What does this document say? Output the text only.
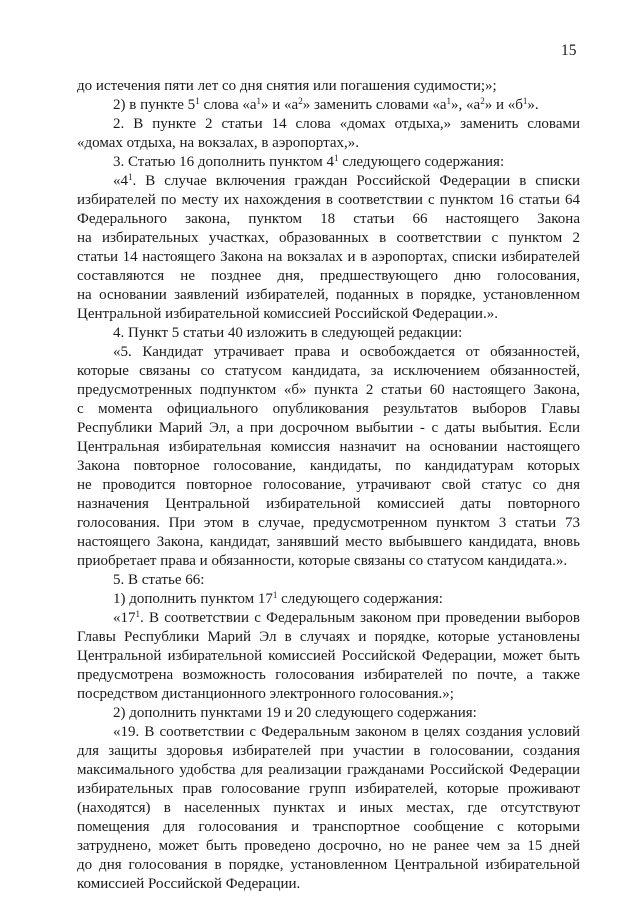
15
до истечения пяти лет со дня снятия или погашения судимости;»;
2) в пункте $5^1$ слова «$а^1$» и «$а^2$» заменить словами «$а^1$», «$а^2$» и «$б^1$».
2. В пункте 2 статьи 14 слова «домах отдыха,» заменить словами
«домах отдыха, на вокзалах, в аэропортах,».
3. Статью 16 дополнить пунктом $4^1$ следующего содержания:
«$4^1$. В случае включения граждан Российской Федерации в списки
избирателей по месту их нахождения в соответствии с пунктом 16 статьи 64
Федерального закона, пунктом 18 статьи 66 настоящего Закона
на избирательных участках, образованных в соответствии с пунктом 2
статьи 14 настоящего Закона на вокзалах и в аэропортах, списки избирателей
составляются не позднее дня, предшествующего дню голосования,
на основании заявлений избирателей, поданных в порядке, установленном
Центральной избирательной комиссией Российской Федерации.».
4. Пункт 5 статьи 40 изложить в следующей редакции:
«5. Кандидат утрачивает права и освобождается от обязанностей,
которые связаны со статусом кандидата, за исключением обязанностей,
предусмотренных подпунктом «б» пункта 2 статьи 60 настоящего Закона,
с момента официального опубликования результатов выборов Главы
Республики Марий Эл, а при досрочном выбытии - с даты выбытия. Если
Центральная избирательная комиссия назначит на основании настоящего
Закона повторное голосование, кандидаты, по кандидатурам которых
не проводится повторное голосование, утрачивают свой статус со дня
назначения Центральной избирательной комиссией даты повторного
голосования. При этом в случае, предусмотренном пунктом 3 статьи 73
настоящего Закона, кандидат, занявший место выбывшего кандидата, вновь
приобретает права и обязанности, которые связаны со статусом кандидата.».
5. В статье 66:
1) дополнить пунктом $17^1$ следующего содержания:
«$17^1$. В соответствии с Федеральным законом при проведении выборов
Главы Республики Марий Эл в случаях и порядке, которые установлены
Центральной избирательной комиссией Российской Федерации, может быть
предусмотрена возможность голосования избирателей по почте, а также
посредством дистанционного электронного голосования.»;
2) дополнить пунктами 19 и 20 следующего содержания:
«19. В соответствии с Федеральным законом в целях создания условий
для защиты здоровья избирателей при участии в голосовании, создания
максимального удобства для реализации гражданами Российской Федерации
избирательных прав голосование групп избирателей, которые проживают
(находятся) в населенных пунктах и иных местах, где отсутствуют
помещения для голосования и транспортное сообщение с которыми
затруднено, может быть проведено досрочно, но не ранее чем за 15 дней
до дня голосования в порядке, установленном Центральной избирательной
комиссией Российской Федерации.
